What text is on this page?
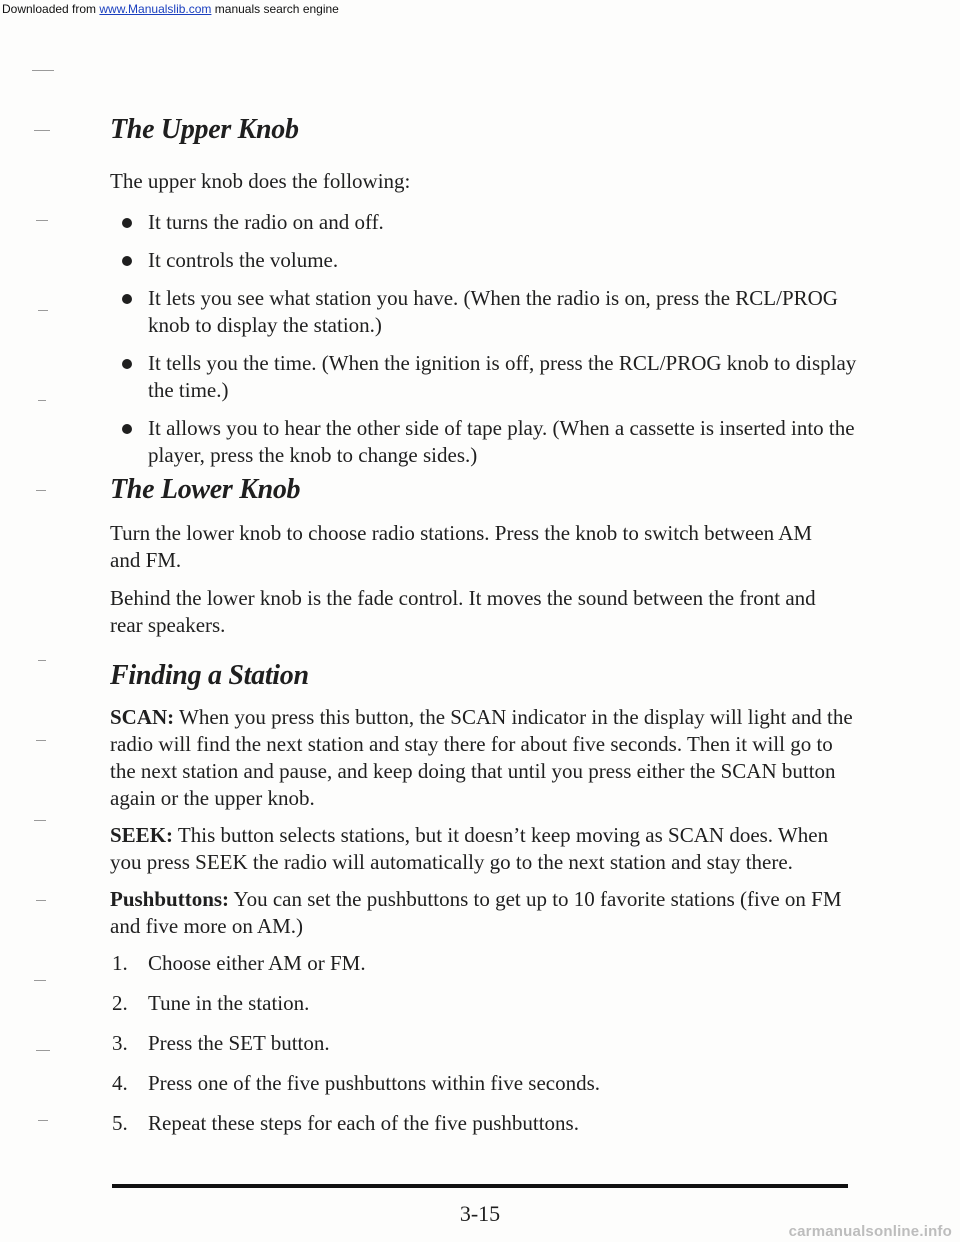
Downloaded from www.Manualslib.com manuals search engine
The Upper Knob

The upper knob does the following:

It turns the radio on and off.
It controls the volume.
It lets you see what station you have. (When the radio is on, press the RCL/PROG knob to display the station.)
It tells you the time. (When the ignition is off, press the RCL/PROG knob to display the time.)
It allows you to hear the other side of tape play. (When a cassette is inserted into the player, press the knob to change sides.)
The Lower Knob

Turn the lower knob to choose radio stations. Press the knob to switch between AM and FM.

Behind the lower knob is the fade control. It moves the sound between the front and rear speakers.

Finding a Station

SCAN: When you press this button, the SCAN indicator in the display will light and the radio will find the next station and stay there for about five seconds. Then it will go to the next station and pause, and keep doing that until you press either the SCAN button again or the upper knob.

SEEK: This button selects stations, but it doesn’t keep moving as SCAN does. When you press SEEK the radio will automatically go to the next station and stay there.

Pushbuttons: You can set the pushbuttons to get up to 10 favorite stations (five on FM and five more on AM.)

1. Choose either AM or FM.
2. Tune in the station.
3. Press the SET button.
4. Press one of the five pushbuttons within five seconds.
5. Repeat these steps for each of the five pushbuttons.
3-15
carmanualsonline.info
